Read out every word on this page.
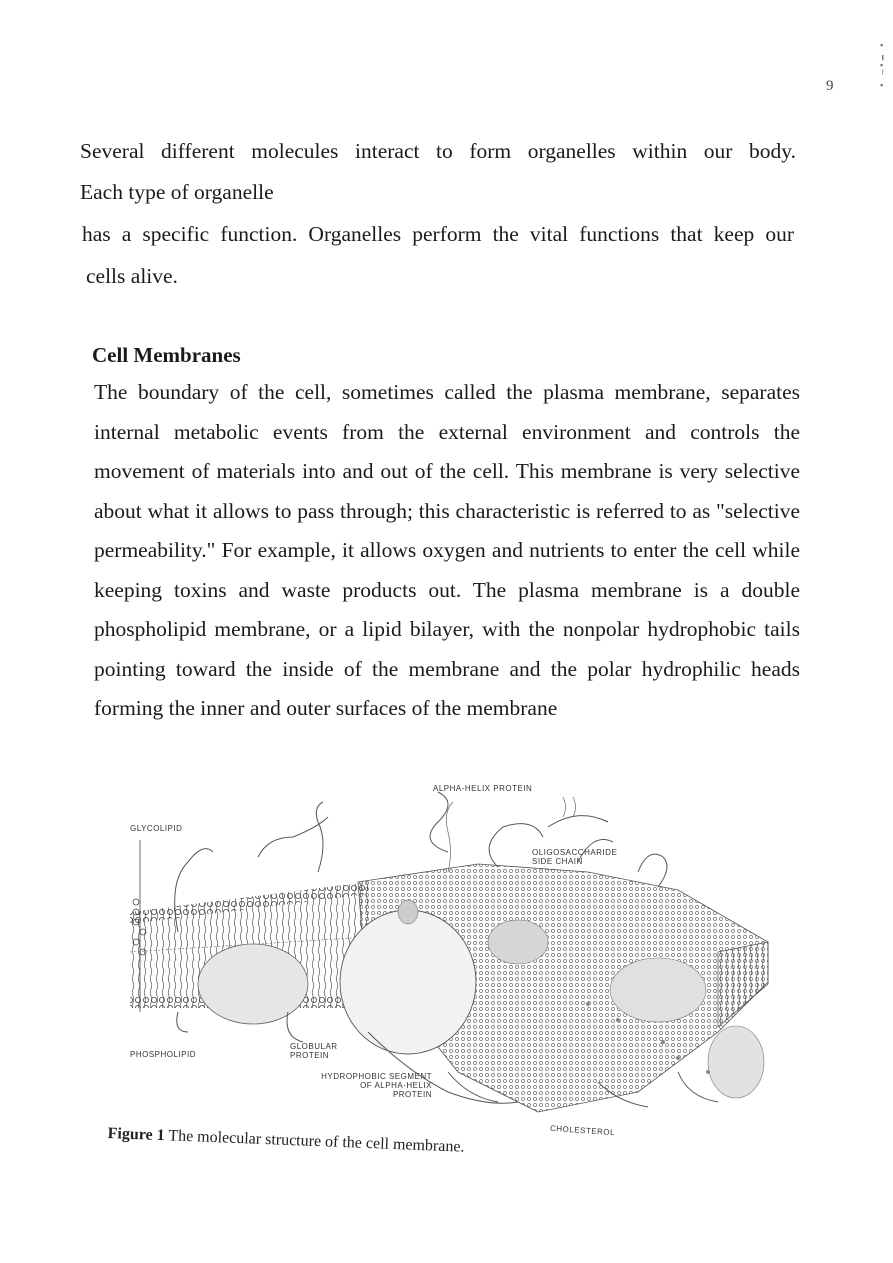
9
▪
╻
▪
╵
▪

Several different molecules interact to form organelles within our body.

Each type of organelle

has a specific function. Organelles perform the vital functions that keep our

cells alive.

Cell Membranes

The boundary of the cell, sometimes called the plasma membrane, separates internal metabolic events from the external environment and controls the movement of materials into and out of the cell. This membrane is very selective about what it allows to pass through; this characteristic is referred to as "selective permeability." For example, it allows oxygen and nutrients to enter the cell while keeping toxins and waste products out. The plasma membrane is a double phospholipid membrane, or a lipid bilayer, with the nonpolar hydrophobic tails pointing toward the inside of the membrane and the polar hydrophilic heads forming the inner and outer surfaces of the membrane

ALPHA-HELIX PROTEIN
GLYCOLIPID
OLIGOSACCHARIDE SIDE CHAIN
PHOSPHOLIPID
GLOBULAR PROTEIN
HYDROPHOBIC SEGMENT OF ALPHA-HELIX PROTEIN
CHOLESTEROL

Figure 1 The molecular structure of the cell membrane.
